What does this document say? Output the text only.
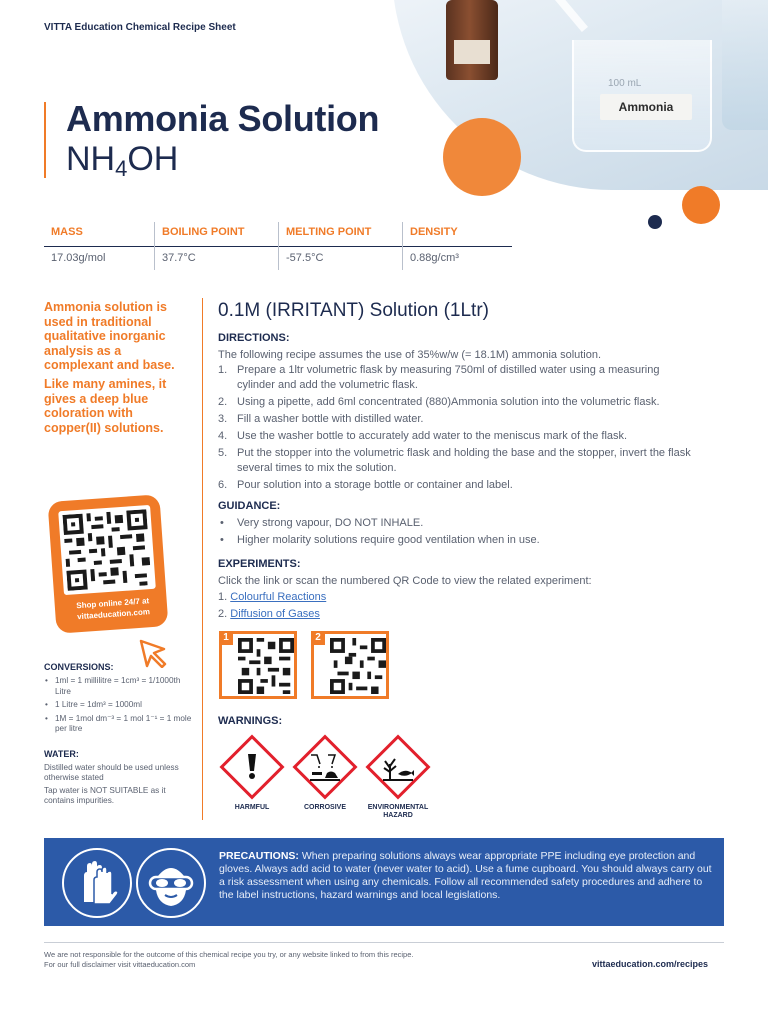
VITTA Education Chemical Recipe Sheet
100 mL
Ammonia
Ammonia Solution
$NH_4OH$
MASS
17.03g/mol
BOILING POINT
37.7°C
MELTING POINT
-57.5°C
DENSITY
0.88g/cm³

Ammonia solution is used in traditional qualitative inorganic analysis as a complexant and base.

Like many amines, it gives a deep blue coloration with copper(II) solutions.

Shop online 24/7 at vittaeducation.com
CONVERSIONS:
• 1ml = 1 millilitre = 1cm³ = 1/1000th Litre
• 1 Litre = 1dm³ = 1000ml
• 1M = 1mol dm⁻³ = 1 mol 1⁻¹ = 1 mole per litre
WATER:

Distilled water should be used unless otherwise stated

Tap water is NOT SUITABLE as it contains impurities.

0.1M (IRRITANT) Solution (1Ltr)
DIRECTIONS:
The following recipe assumes the use of 35%w/w (= 18.1M) ammonia solution.
1. Prepare a 1ltr volumetric flask by measuring 750ml of distilled water using a measuring cylinder and add the volumetric flask.
2. Using a pipette, add 6ml concentrated (880)Ammonia solution into the volumetric flask.
3. Fill a washer bottle with distilled water.
4. Use the washer bottle to accurately add water to the meniscus mark of the flask.
5. Put the stopper into the volumetric flask and holding the base and the stopper, invert the flask several times to mix the solution.
6. Pour solution into a storage bottle or container and label.
GUIDANCE:
• Very strong vapour, DO NOT INHALE.
• Higher molarity solutions require good ventilation when in use.
EXPERIMENTS:
Click the link or scan the numbered QR Code to view the related experiment:
1. Colourful Reactions
2. Diffusion of Gases
1	2
WARNINGS:
HARMFUL	CORROSIVE	ENVIRONMENTAL HAZARD
PRECAUTIONS: When preparing solutions always wear appropriate PPE including eye protection and gloves. Always add acid to water (never water to acid). Use a fume cupboard. You should always carry out a risk assessment when using any chemicals. Follow all recommended safety procedures and adhere to the label instructions, hazard warnings and local legislations.
We are not responsible for the outcome of this chemical recipe you try, or any website linked to from this recipe.
For our full disclaimer visit vittaeducation.com	vittaeducation.com/recipes
